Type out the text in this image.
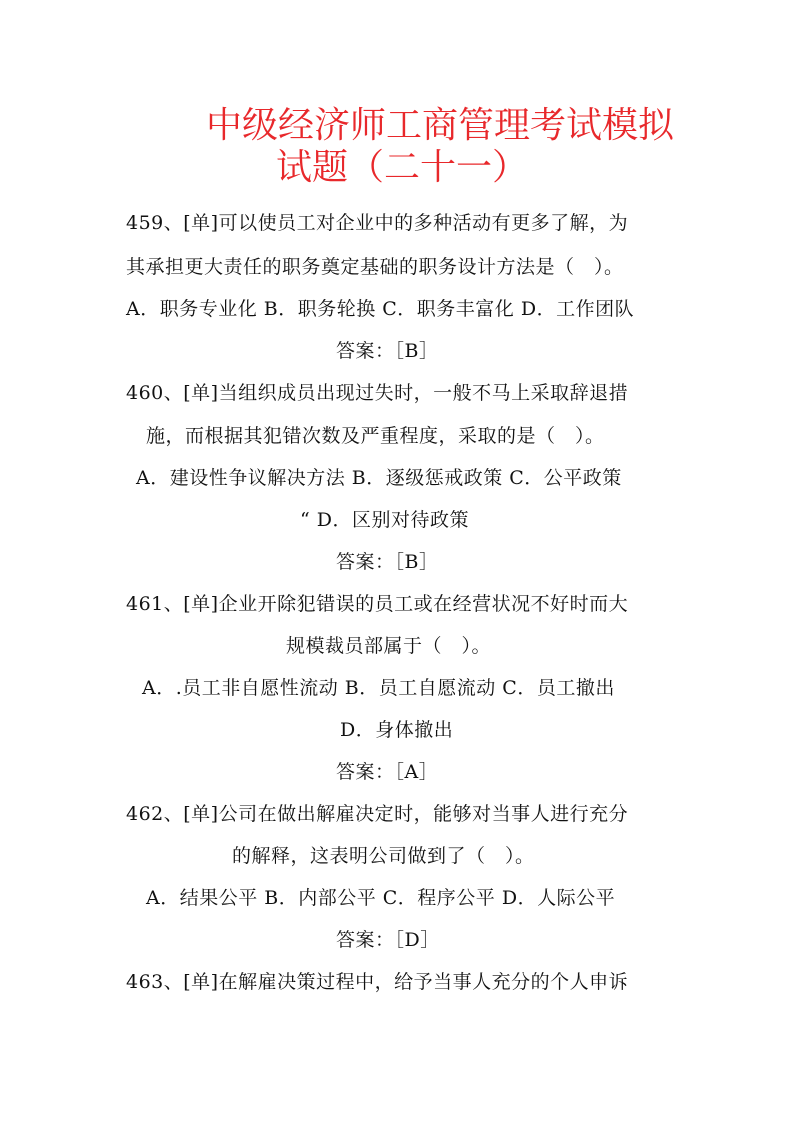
中级经济师工商管理考试模拟
试题（二十一）
459、[单]可以使员工对企业中的多种活动有更多了解，为
其承担更大责任的职务奠定基础的职务设计方法是（　）。
A．职务专业化 B．职务轮换 C．职务丰富化 D．工作团队
答案：［B］
460、[单]当组织成员出现过失时，一般不马上采取辞退措
施，而根据其犯错次数及严重程度，采取的是（　）。
A．建设性争议解决方法 B．逐级惩戒政策 C．公平政策
“ D．区别对待政策
答案：［B］
461、[单]企业开除犯错误的员工或在经营状况不好时而大
规模裁员部属于（　）。
A．.员工非自愿性流动 B．员工自愿流动 C．员工撤出
D．身体撤出
答案：［A］
462、[单]公司在做出解雇决定时，能够对当事人进行充分
的解释，这表明公司做到了（　）。
A．结果公平 B．内部公平 C．程序公平 D．人际公平
答案：［D］
463、[单]在解雇决策过程中，给予当事人充分的个人申诉
